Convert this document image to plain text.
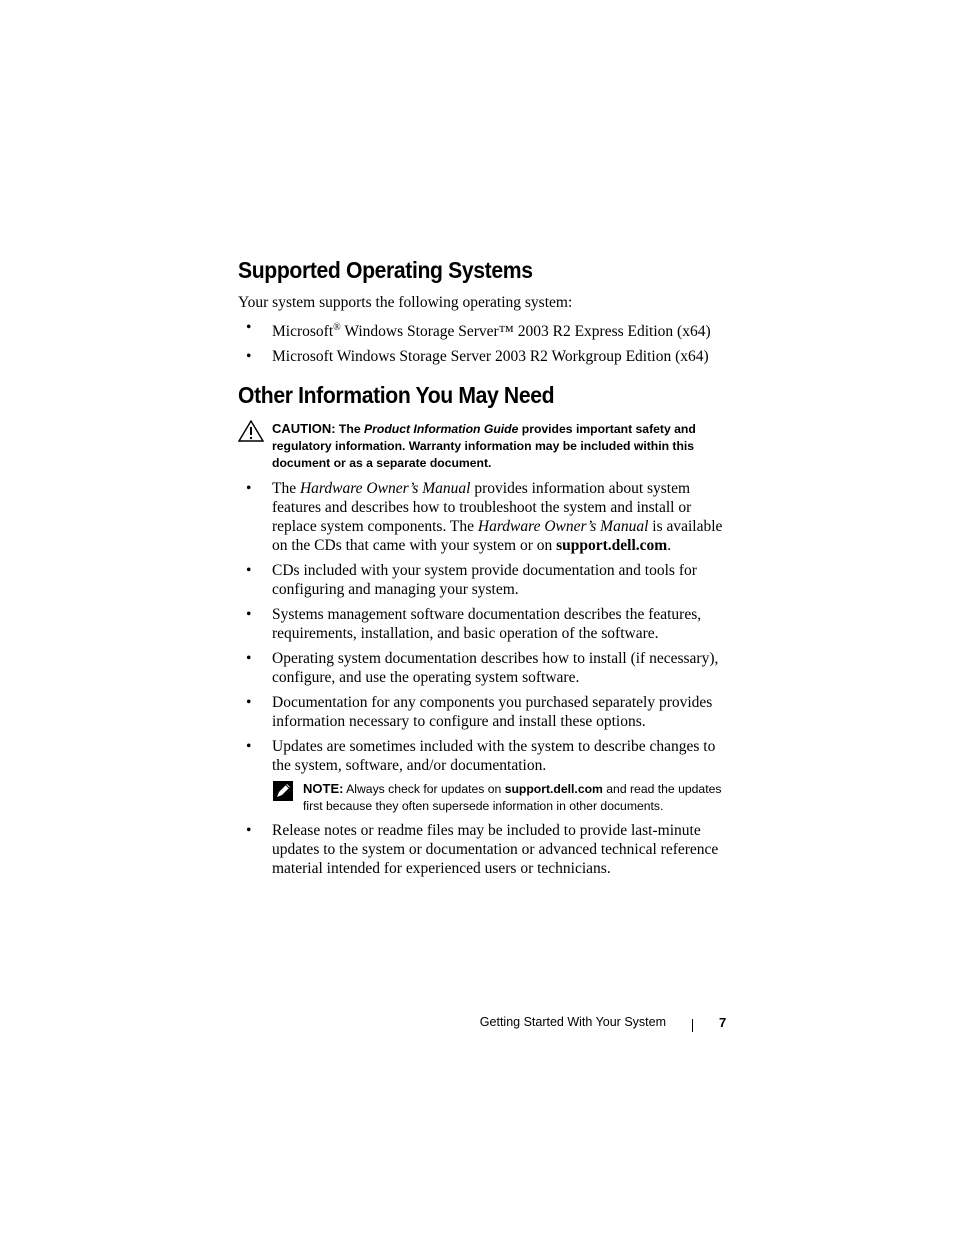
Supported Operating Systems
Your system supports the following operating system:
• Microsoft® Windows Storage Server™ 2003 R2 Express Edition (x64)
• Microsoft Windows Storage Server 2003 R2 Workgroup Edition (x64)
Other Information You May Need
CAUTION: The Product Information Guide provides important safety and regulatory information. Warranty information may be included within this document or as a separate document.
• The Hardware Owner’s Manual provides information about system features and describes how to troubleshoot the system and install or replace system components. The Hardware Owner’s Manual is available on the CDs that came with your system or on support.dell.com.
• CDs included with your system provide documentation and tools for configuring and managing your system.
• Systems management software documentation describes the features, requirements, installation, and basic operation of the software.
• Operating system documentation describes how to install (if necessary), configure, and use the operating system software.
• Documentation for any components you purchased separately provides information necessary to configure and install these options.
• Updates are sometimes included with the system to describe changes to the system, software, and/or documentation.
NOTE: Always check for updates on support.dell.com and read the updates first because they often supersede information in other documents.
• Release notes or readme files may be included to provide last-minute updates to the system or documentation or advanced technical reference material intended for experienced users or technicians.
Getting Started With Your System	7
